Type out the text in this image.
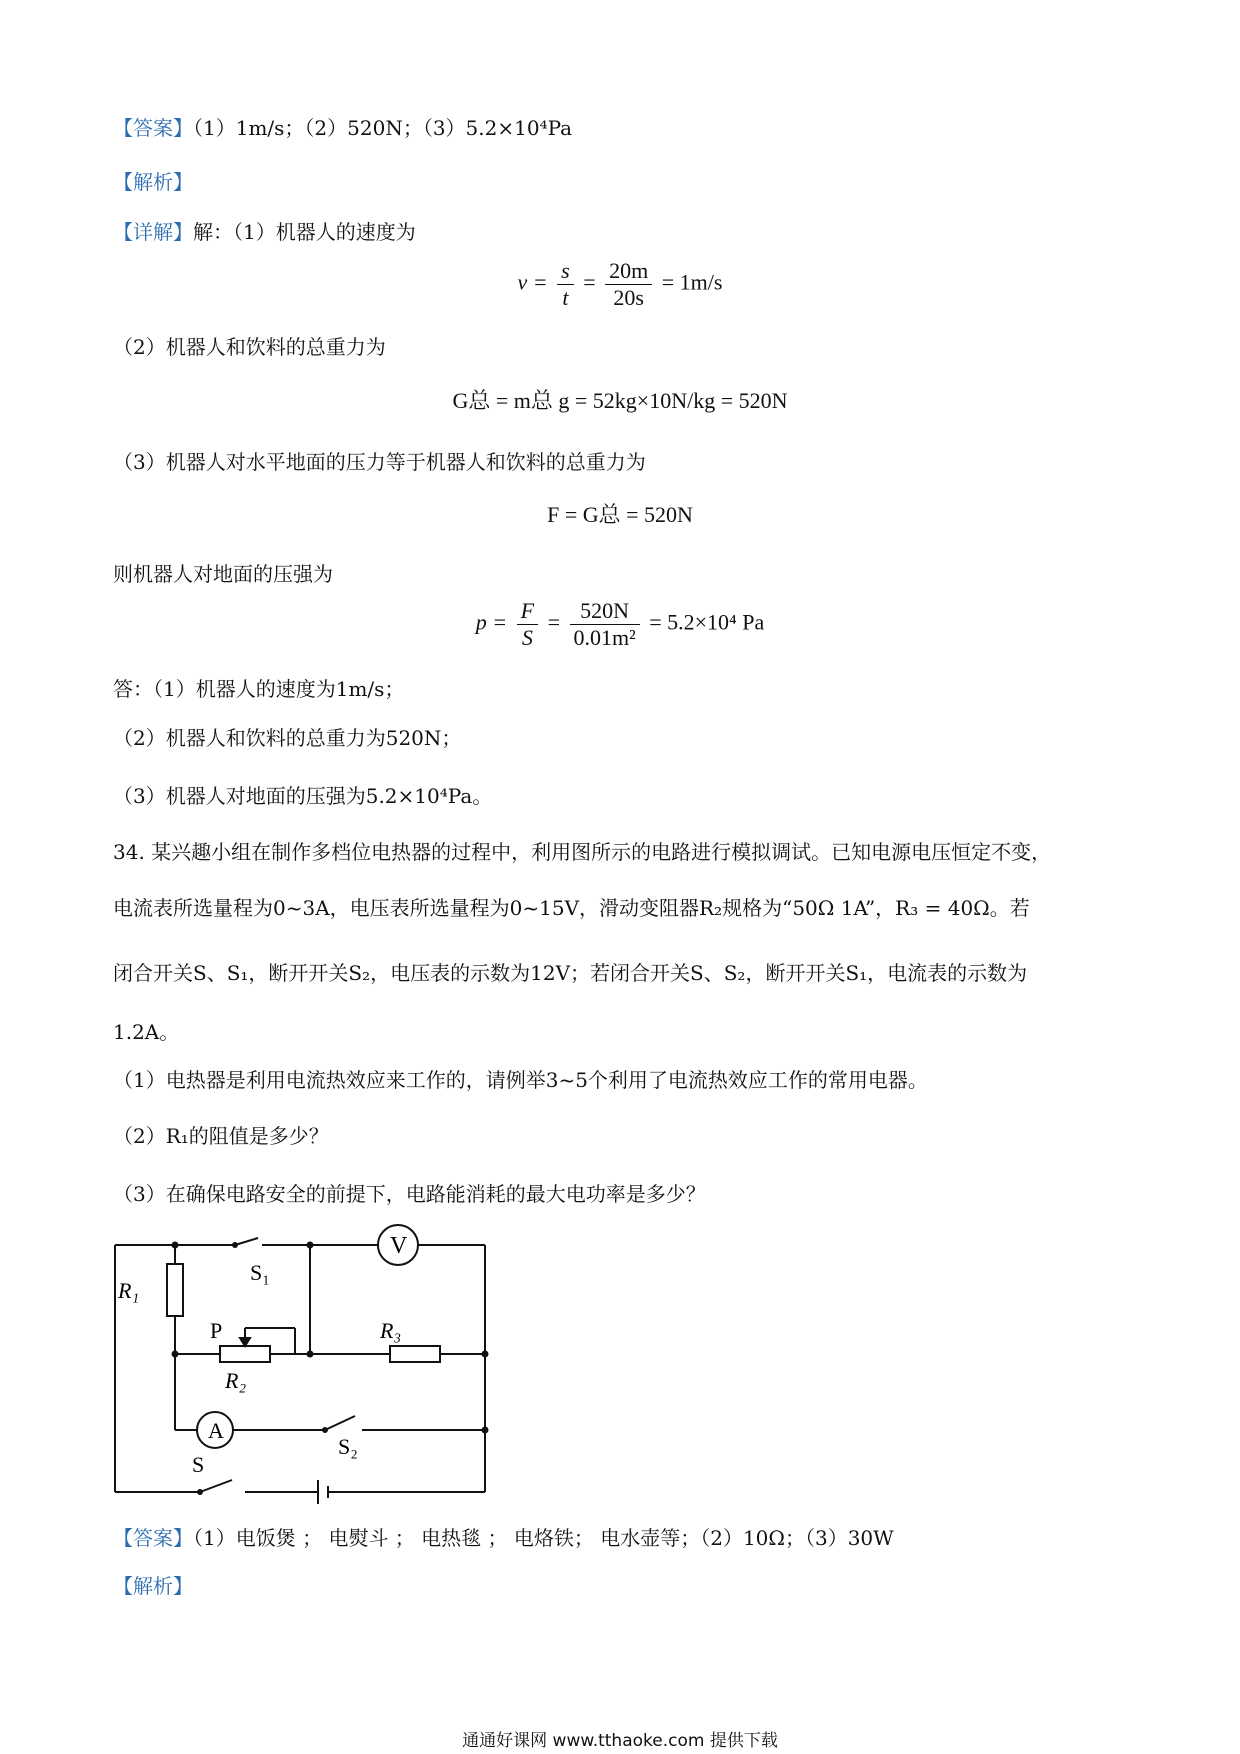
【答案】（1）1m/s；（2）520N；（3）5.2×10⁴Pa
【解析】
【详解】解：（1）机器人的速度为
$v = \frac{s}{t} = \frac{20m}{20s} = 1m/s$
（2）机器人和饮料的总重力为
G总 = m总 g = 52kg×10N/kg = 520N
（3）机器人对水平地面的压力等于机器人和饮料的总重力为
F = G总 = 520N
则机器人对地面的压强为
$p = \frac{F}{S} = \frac{520N}{\text{0.01m²}} = 5.2\times 10^4$ Pa
答：（1）机器人的速度为1m/s；
（2）机器人和饮料的总重力为520N；
（3）机器人对地面的压强为5.2×10⁴Pa。
34. 某兴趣小组在制作多档位电热器的过程中，利用图所示的电路进行模拟调试。已知电源电压恒定不变，
电流表所选量程为0~3A，电压表所选量程为0~15V，滑动变阻器R₂规格为“50Ω 1A”，R₃ = 40Ω。若
闭合开关S、S₁，断开开关S₂，电压表的示数为12V；若闭合开关S、S₂，断开开关S₁，电流表的示数为
1.2A。
（1）电热器是利用电流热效应来工作的，请例举3~5个利用了电流热效应工作的常用电器。
（2）R₁的阻值是多少？
（3）在确保电路安全的前提下，电路能消耗的最大电功率是多少？
V
A
S₁
R₁
P	R₃
R₂
S₂
S
【答案】（1）电饭煲 ； 电熨斗 ； 电热毯 ； 电烙铁； 电水壶等；（2）10Ω；（3）30W
【解析】
通通好课网 www.tthaoke.com 提供下载
